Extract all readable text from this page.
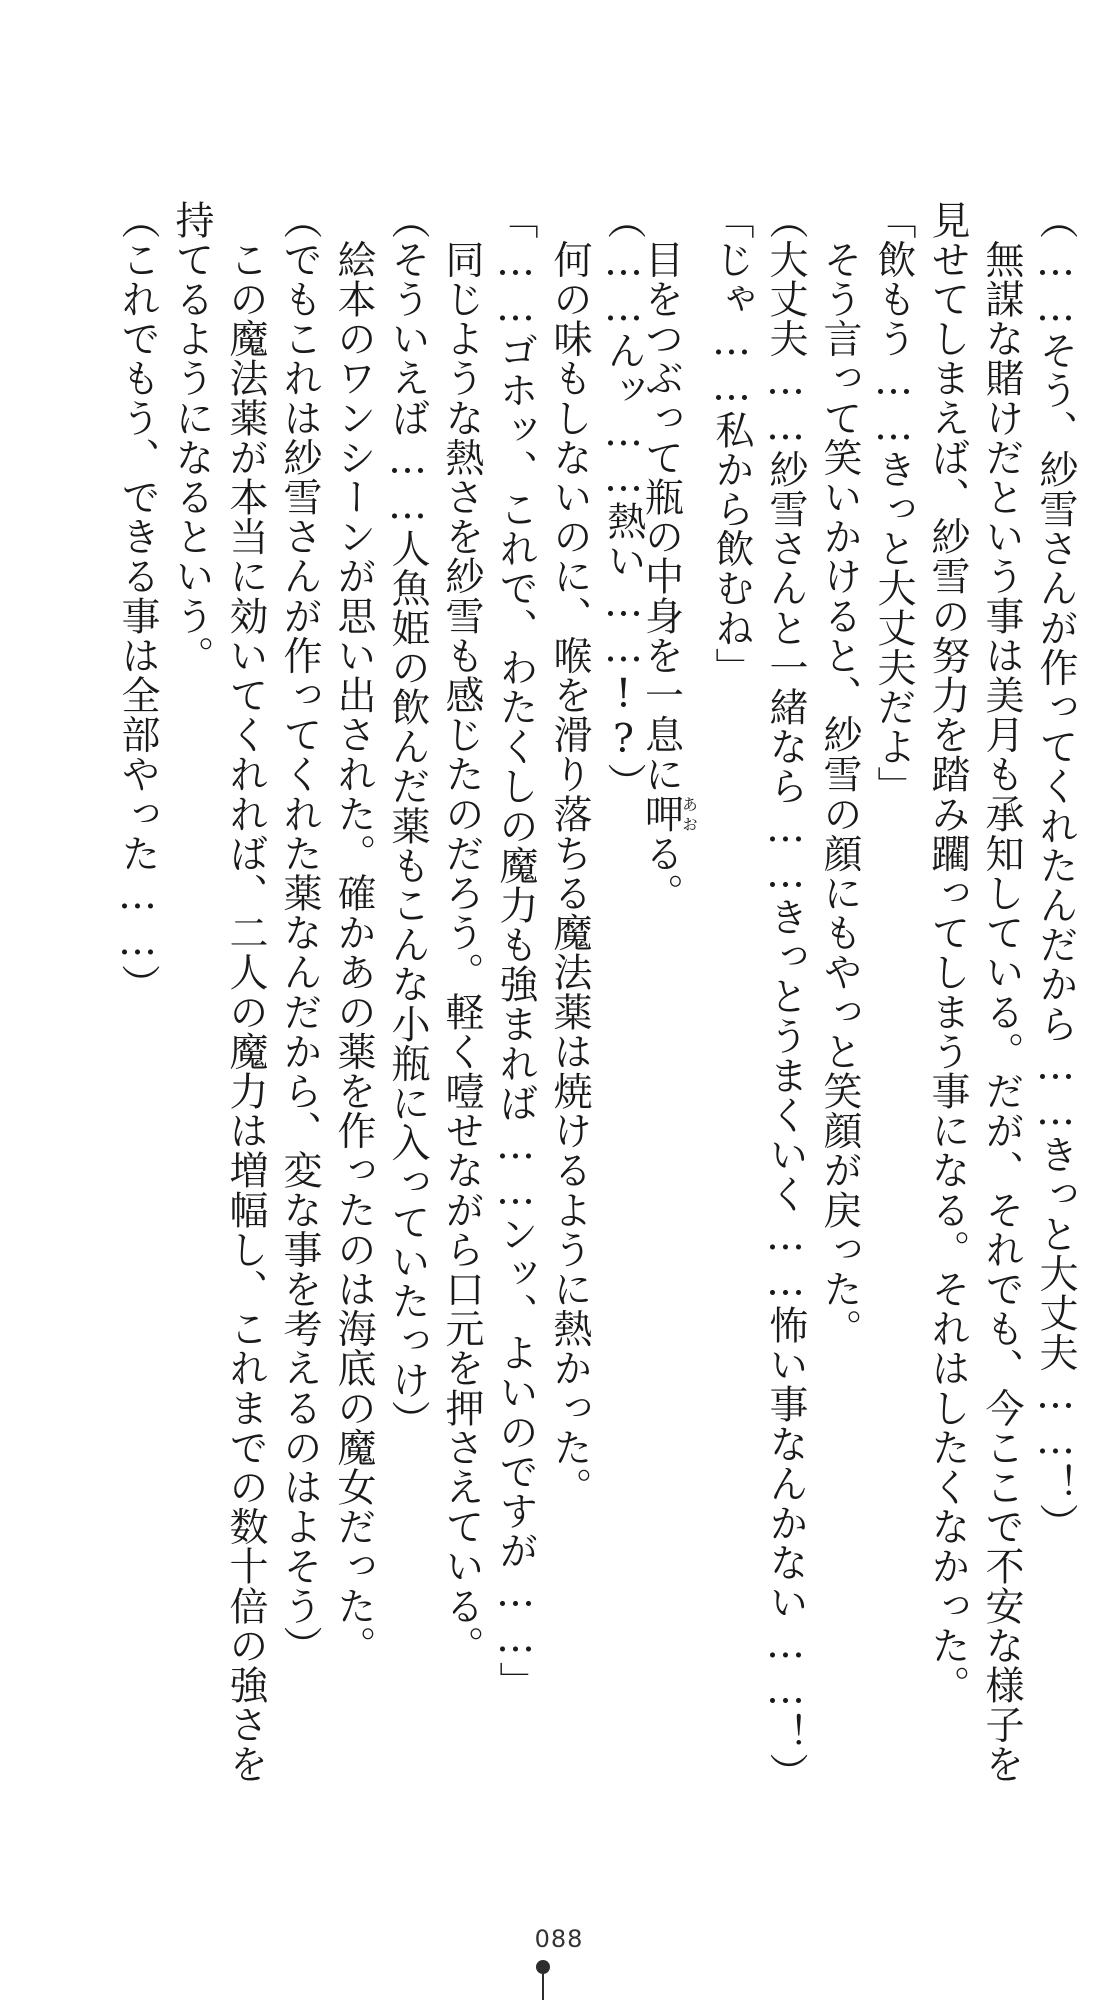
（……そう、紗雪さんが作ってくれたんだから……きっと大丈夫……！）
　無謀な賭けだという事は美月も承知している。だが、それでも、今ここで不安な様子を
見せてしまえば、紗雪の努力を踏み躙ってしまう事になる。それはしたくなかった。
「飲もう……きっと大丈夫だよ」
　そう言って笑いかけると、紗雪の顔にもやっと笑顔が戻った。
（大丈夫……紗雪さんと一緒なら……きっとうまくいく……怖い事なんかない……！）
「じゃ……私から飲むね」
　目をつぶって瓶の中身を一息に呷あおる。
（……んッ……熱い……!?）
　何の味もしないのに、喉を滑り落ちる魔法薬は焼けるように熱かった。
「……ゴホッ、これで、わたくしの魔力も強まれば……ンッ、よいのですが……」
　同じような熱さを紗雪も感じたのだろう。軽く噎せながら口元を押さえている。
（そういえば……人魚姫の飲んだ薬もこんな小瓶に入っていたっけ）
　絵本のワンシーンが思い出された。確かあの薬を作ったのは海底の魔女だった。
（でもこれは紗雪さんが作ってくれた薬なんだから、変な事を考えるのはよそう）
　この魔法薬が本当に効いてくれれば、二人の魔力は増幅し、これまでの数十倍の強さを
持てるようになるという。
（これでもう、できる事は全部やった……）
088
